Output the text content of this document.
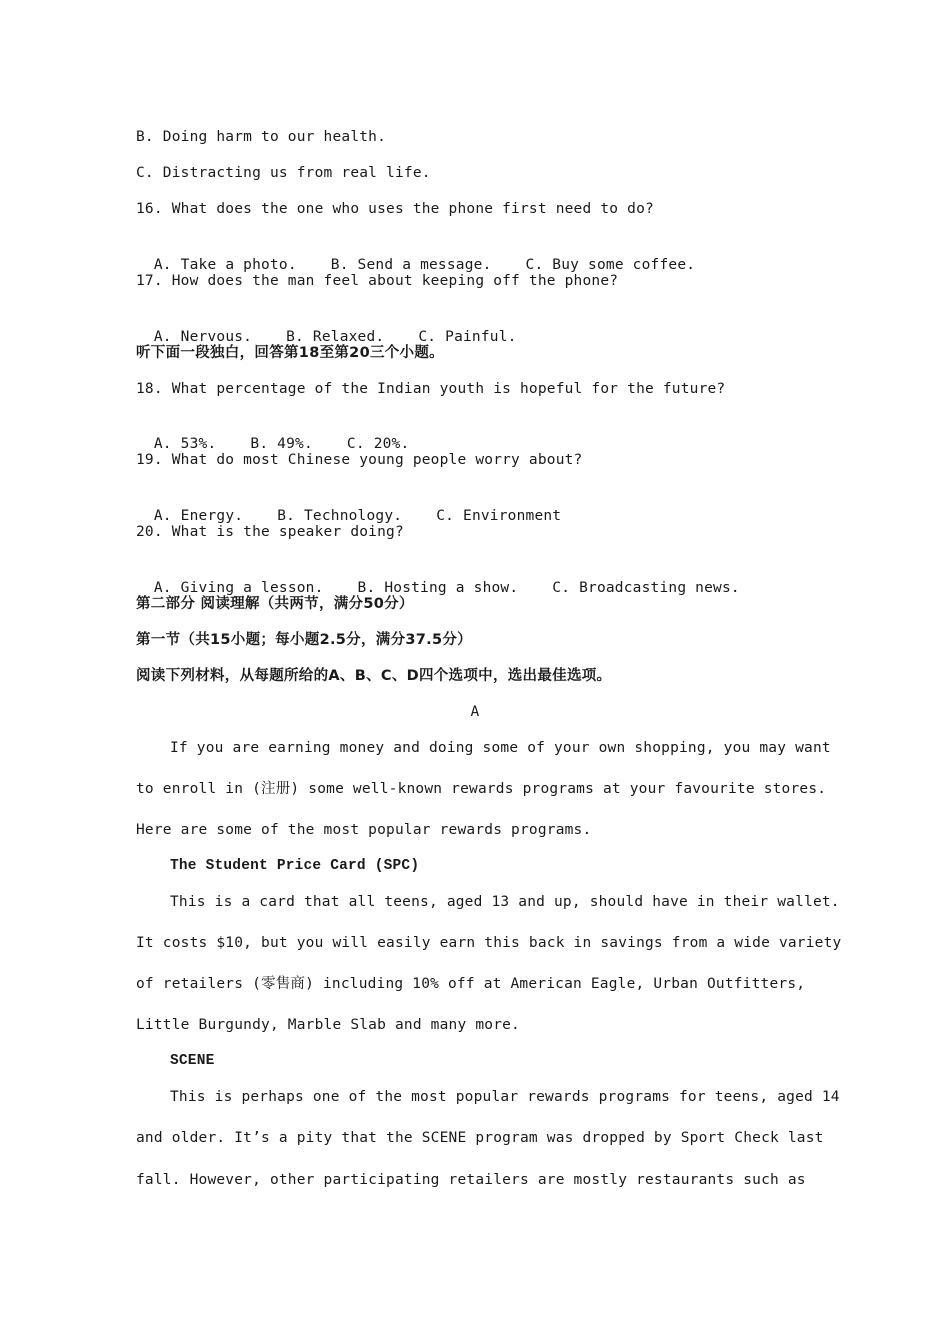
B. Doing harm to our health.
C. Distracting us from real life.
16. What does the one who uses the phone first need to do?

A. Take a photo. B. Send a message. C. Buy some coffee.

17. How does the man feel about keeping off the phone?

A. Nervous. B. Relaxed. C. Painful.

听下面一段独白，回答第18至第20三个小题。
18. What percentage of the Indian youth is hopeful for the future?

A. 53%. B. 49%. C. 20%.

19. What do most Chinese young people worry about?

A. Energy. B. Technology. C. Environment

20. What is the speaker doing?

A. Giving a lesson. B. Hosting a show. C. Broadcasting news.

第二部分 阅读理解（共两节，满分50分）
第一节（共15小题；每小题2.5分，满分37.5分）
阅读下列材料，从每题所给的A、B、C、D四个选项中，选出最佳选项。
A
If you are earning money and doing some of your own shopping, you may want
to enroll in (注册) some well-known rewards programs at your favourite stores.
Here are some of the most popular rewards programs.
The Student Price Card (SPC)
This is a card that all teens, aged 13 and up, should have in their wallet.
It costs $10, but you will easily earn this back in savings from a wide variety
of retailers (零售商) including 10% off at American Eagle, Urban Outfitters,
Little Burgundy, Marble Slab and many more.
SCENE
This is perhaps one of the most popular rewards programs for teens, aged 14
and older. It’s a pity that the SCENE program was dropped by Sport Check last
fall. However, other participating retailers are mostly restaurants such as
